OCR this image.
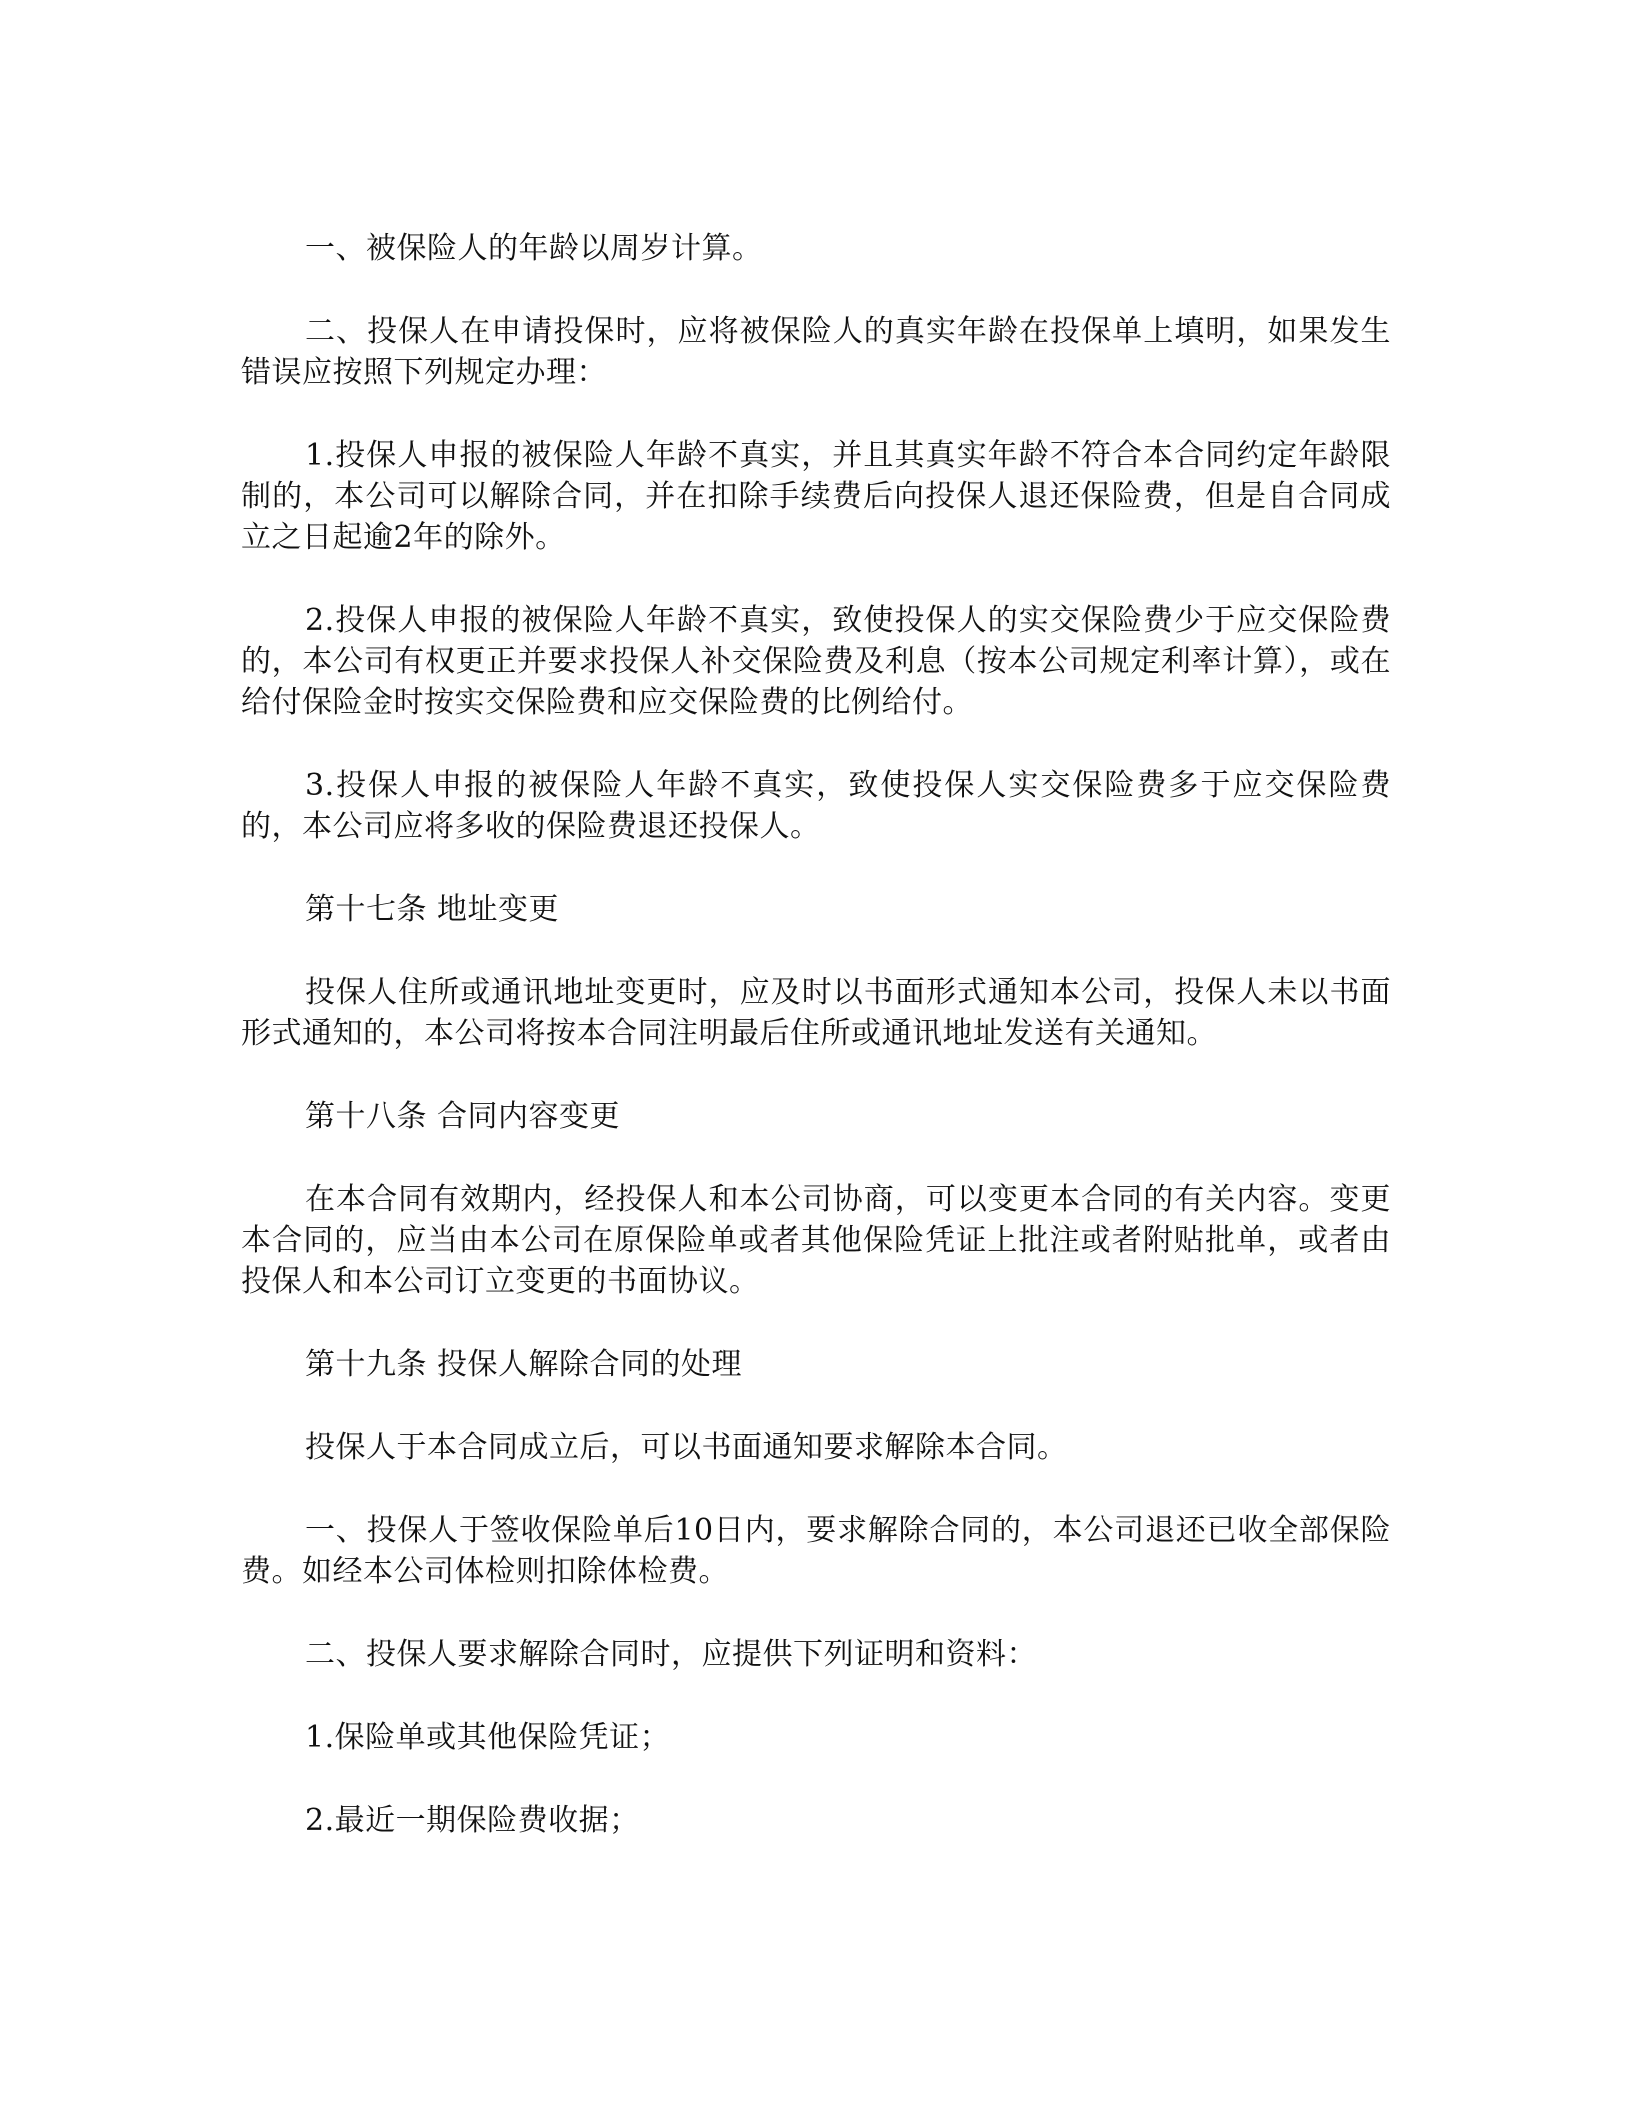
一、被保险人的年龄以周岁计算。

二、投保人在申请投保时，应将被保险人的真实年龄在投保单上填明，如果发生错误应按照下列规定办理：

1.投保人申报的被保险人年龄不真实，并且其真实年龄不符合本合同约定年龄限制的，本公司可以解除合同，并在扣除手续费后向投保人退还保险费，但是自合同成立之日起逾2年的除外。

2.投保人申报的被保险人年龄不真实，致使投保人的实交保险费少于应交保险费的，本公司有权更正并要求投保人补交保险费及利息（按本公司规定利率计算），或在给付保险金时按实交保险费和应交保险费的比例给付。

3.投保人申报的被保险人年龄不真实，致使投保人实交保险费多于应交保险费的，本公司应将多收的保险费退还投保人。

第十七条 地址变更

投保人住所或通讯地址变更时，应及时以书面形式通知本公司，投保人未以书面形式通知的，本公司将按本合同注明最后住所或通讯地址发送有关通知。

第十八条 合同内容变更

在本合同有效期内，经投保人和本公司协商，可以变更本合同的有关内容。变更本合同的，应当由本公司在原保险单或者其他保险凭证上批注或者附贴批单，或者由投保人和本公司订立变更的书面协议。

第十九条 投保人解除合同的处理

投保人于本合同成立后，可以书面通知要求解除本合同。

一、投保人于签收保险单后10日内，要求解除合同的，本公司退还已收全部保险费。如经本公司体检则扣除体检费。

二、投保人要求解除合同时，应提供下列证明和资料：

1.保险单或其他保险凭证；

2.最近一期保险费收据；
